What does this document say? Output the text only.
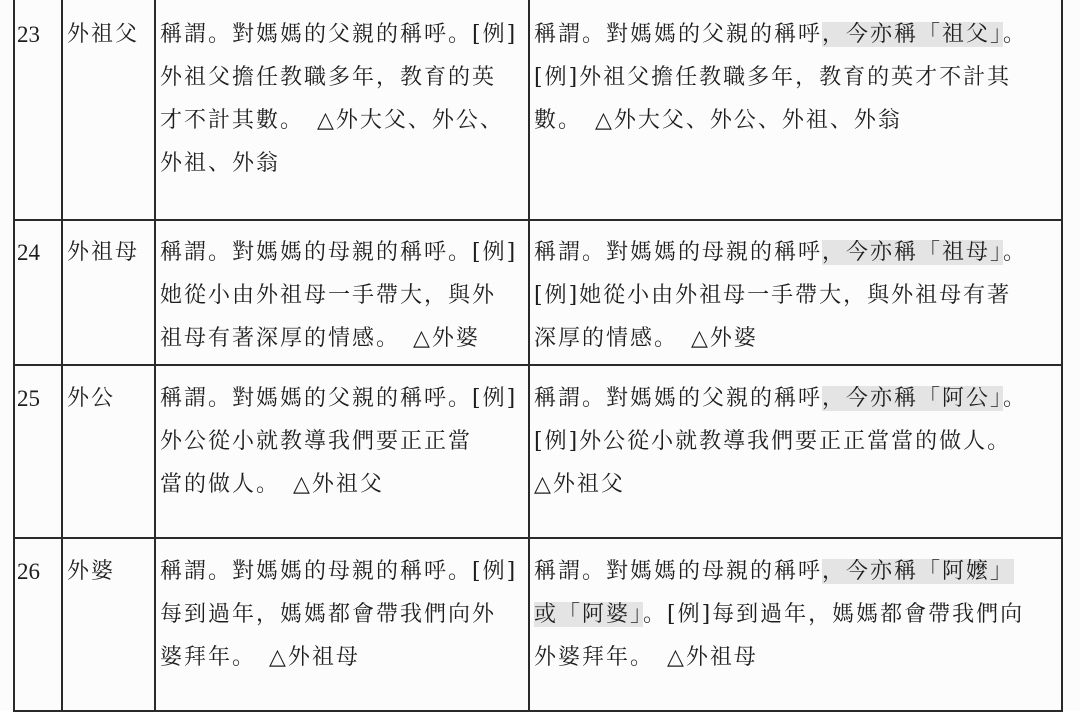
23	外祖父	稱謂。對媽媽的父親的稱呼。[例]
外祖父擔任教職多年，教育的英
才不計其數。　△外大父、外公、
外祖、外翁	稱謂。對媽媽的父親的稱呼，今亦稱「祖父」。
[例]外祖父擔任教職多年，教育的英才不計其
數。　△外大父、外公、外祖、外翁

24	外祖母	稱謂。對媽媽的母親的稱呼。[例]
她從小由外祖母一手帶大，與外
祖母有著深厚的情感。　△外婆	稱謂。對媽媽的母親的稱呼，今亦稱「祖母」。
[例]她從小由外祖母一手帶大，與外祖母有著
深厚的情感。　△外婆

25	外公	稱謂。對媽媽的父親的稱呼。[例]
外公從小就教導我們要正正當
當的做人。　△外祖父	稱謂。對媽媽的父親的稱呼，今亦稱「阿公」。
[例]外公從小就教導我們要正正當當的做人。
△外祖父

26	外婆	稱謂。對媽媽的母親的稱呼。[例]
每到過年，媽媽都會帶我們向外
婆拜年。　△外祖母	稱謂。對媽媽的母親的稱呼，今亦稱「阿嬤」
或「阿婆」。[例]每到過年，媽媽都會帶我們向
外婆拜年。　△外祖母
